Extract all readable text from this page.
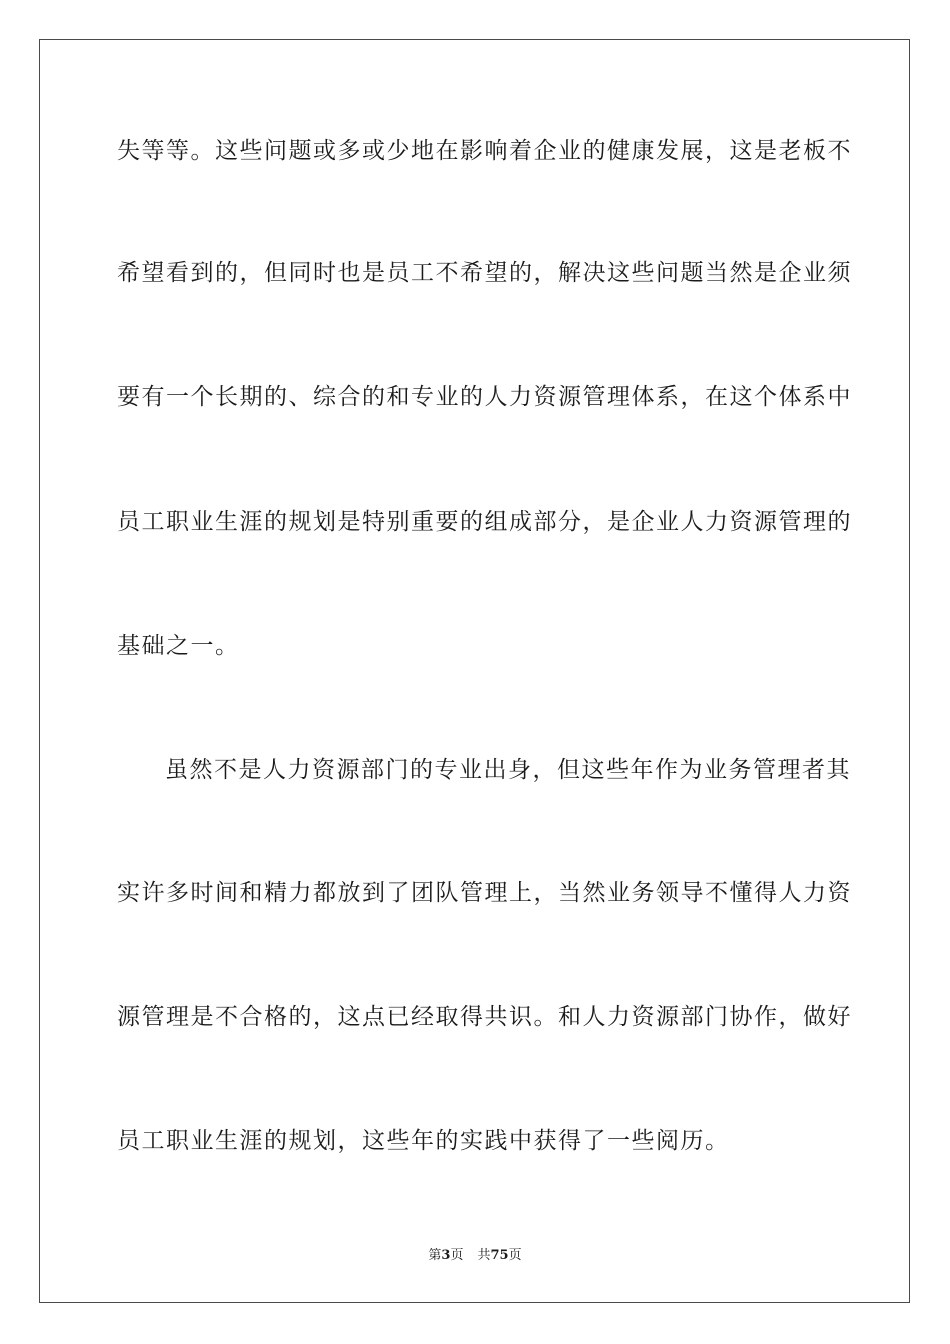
失等等。这些问题或多或少地在影响着企业的健康发展，这是老板不
希望看到的，但同时也是员工不希望的，解决这些问题当然是企业须
要有一个长期的、综合的和专业的人力资源管理体系，在这个体系中
员工职业生涯的规划是特别重要的组成部分，是企业人力资源管理的
基础之一。
虽然不是人力资源部门的专业出身，但这些年作为业务管理者其
实许多时间和精力都放到了团队管理上，当然业务领导不懂得人力资
源管理是不合格的，这点已经取得共识。和人力资源部门协作，做好
员工职业生涯的规划，这些年的实践中获得了一些阅历。
第3页 共75页
